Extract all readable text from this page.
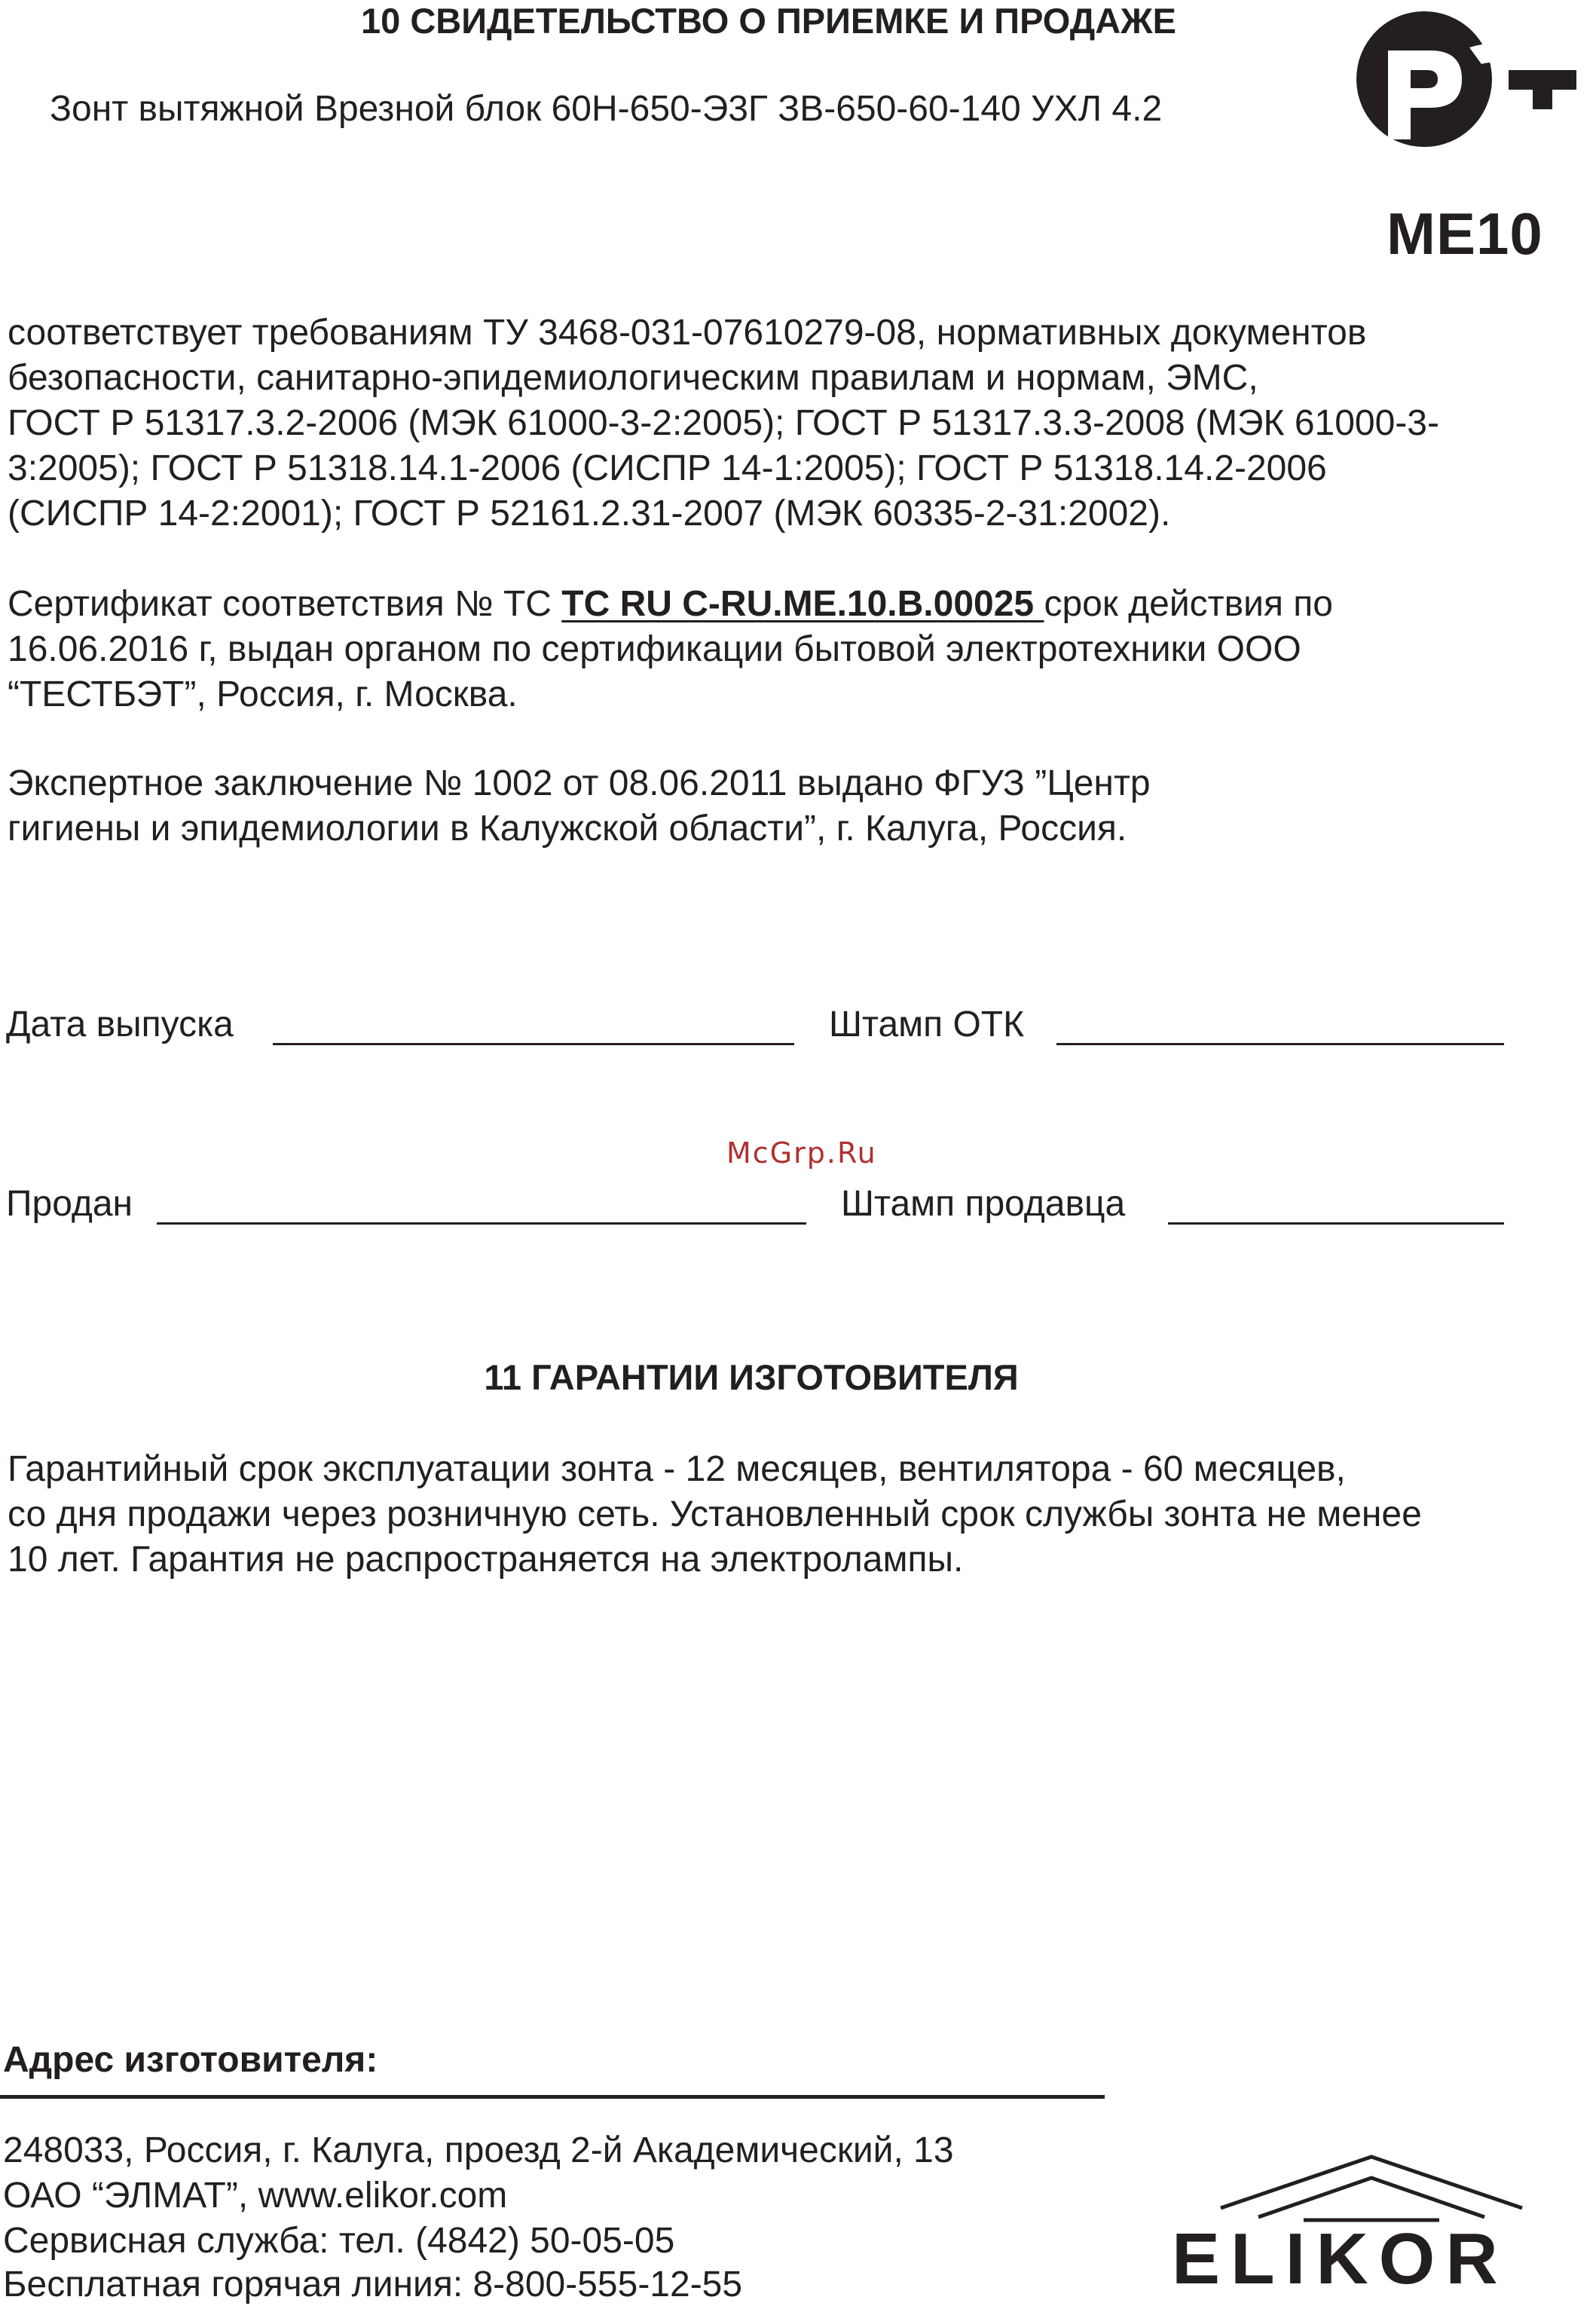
10 СВИДЕТЕЛЬСТВО О ПРИЕМКЕ И ПРОДАЖЕ
Зонт вытяжной Врезной блок 60Н-650-Э3Г ЗВ-650-60-140 УХЛ 4.2
ME10
соответствует требованиям ТУ 3468-031-07610279-08, нормативных документов
безопасности, санитарно-эпидемиологическим правилам и нормам, ЭМС,
ГОСТ Р 51317.3.2-2006 (МЭК 61000-3-2:2005); ГОСТ Р 51317.3.3-2008 (МЭК 61000-3-
3:2005); ГОСТ Р 51318.14.1-2006 (СИСПР 14-1:2005); ГОСТ Р 51318.14.2-2006
(СИСПР 14-2:2001); ГОСТ Р 52161.2.31-2007 (МЭК 60335-2-31:2002).
Сертификат соответствия № ТС ТС RU C-RU.ME.10.B.00025 срок действия по
16.06.2016 г, выдан органом по сертификации бытовой электротехники ООО
“ТЕСТБЭТ”, Россия, г. Москва.
Экспертное заключение № 1002 от 08.06.2011 выдано ФГУЗ ”Центр
гигиены и эпидемиологии в Калужской области”, г. Калуга, Россия.
Дата выпуска	Штамп ОТК
McGrp.Ru
Продан	Штамп продавца
11 ГАРАНТИИ ИЗГОТОВИТЕЛЯ
Гарантийный срок эксплуатации зонта - 12 месяцев, вентилятора - 60 месяцев,
со дня продажи через розничную сеть. Установленный срок службы зонта не менее
10 лет. Гарантия не распространяется на электролампы.
Адрес изготовителя:
248033, Россия, г. Калуга, проезд 2-й Академический, 13
ОАО “ЭЛМАТ”, www.elikor.com
Сервисная служба: тел. (4842) 50-05-05
Бесплатная горячая линия: 8-800-555-12-55	ELIKOR
